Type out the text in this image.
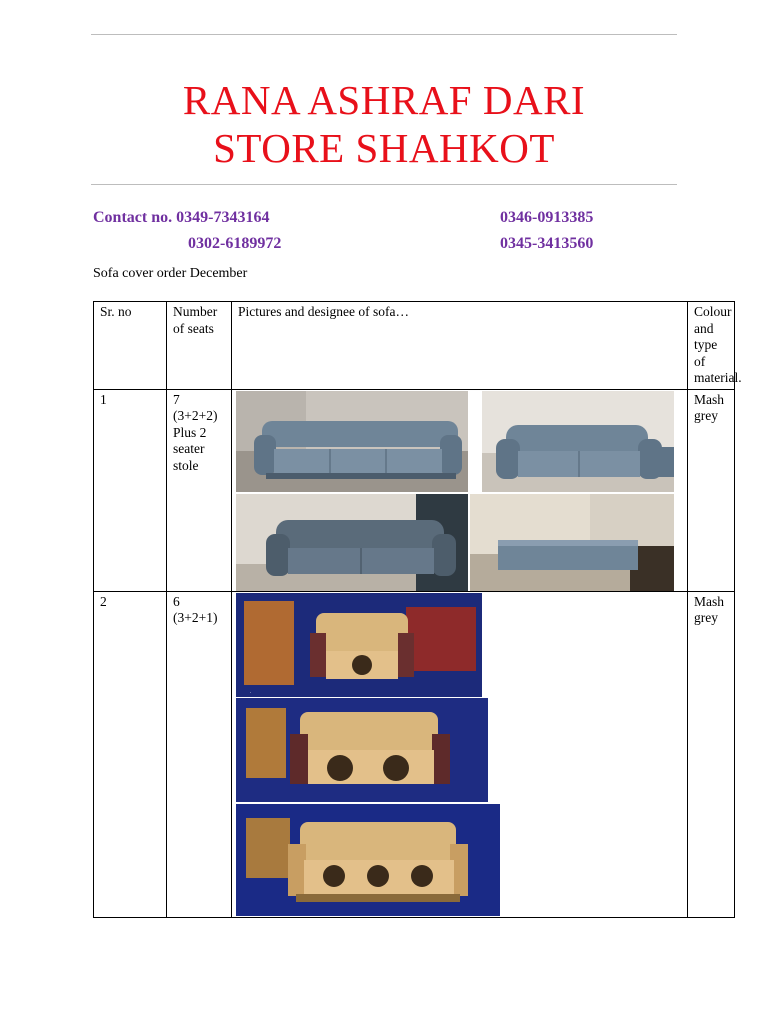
RANA ASHRAF DARI
STORE SHAHKOT
Contact no. 0349-7343164	0346-0913385
0302-6189972	0345-3413560
Sofa cover order December
Sr. no	Number of seats	Pictures and designee of sofa…	Colour and type of material.
1	7 (3+2+2) Plus 2 seater stole		Mash grey
2	6 (3+2+1)	.	Mash grey
